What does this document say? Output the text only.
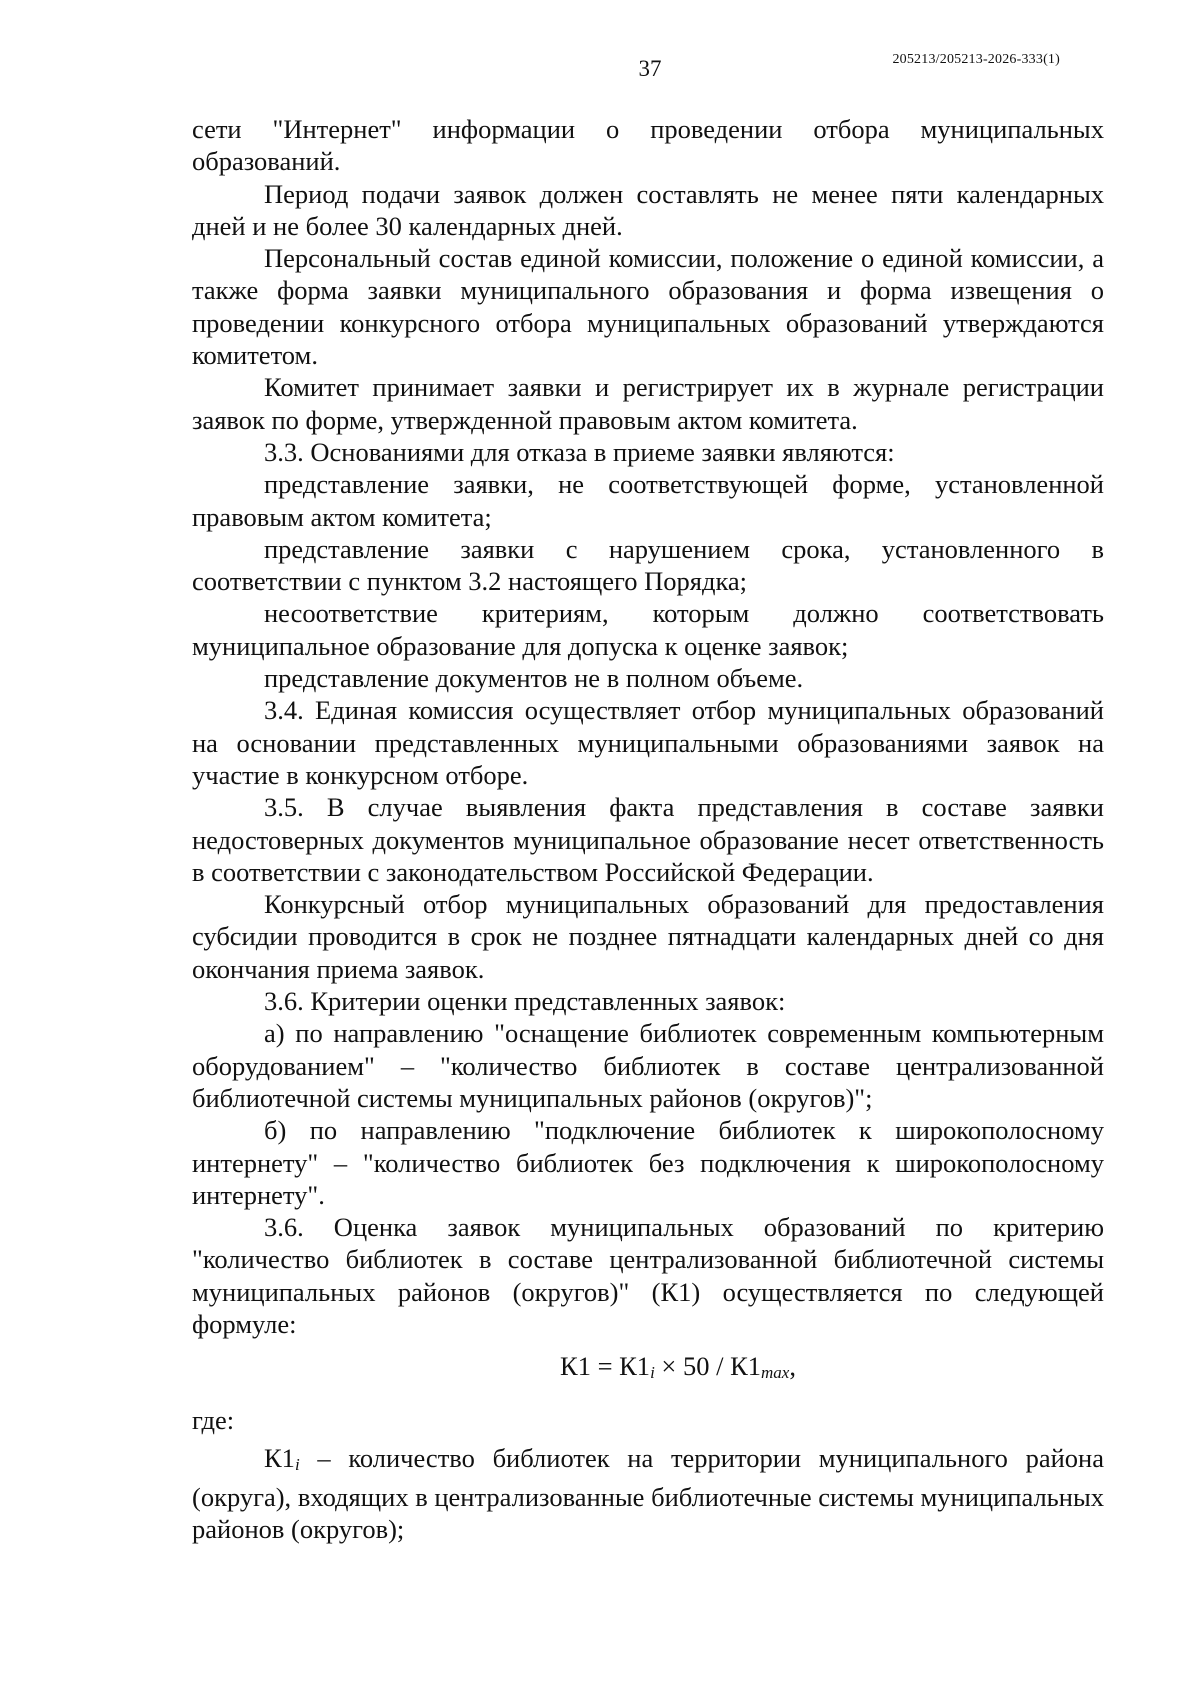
37	205213/205213-2026-333(1)

сети "Интернет" информации о проведении отбора муниципальных образований.

Период подачи заявок должен составлять не менее пяти календарных дней и не более 30 календарных дней.

Персональный состав единой комиссии, положение о единой комиссии, а также форма заявки муниципального образования и форма извещения о проведении конкурсного отбора муниципальных образований утверждаются комитетом.

Комитет принимает заявки и регистрирует их в журнале регистрации заявок по форме, утвержденной правовым актом комитета.

3.3. Основаниями для отказа в приеме заявки являются:

представление заявки, не соответствующей форме, установленной правовым актом комитета;

представление заявки с нарушением срока, установленного в соответствии с пунктом 3.2 настоящего Порядка;

несоответствие критериям, которым должно соответствовать муниципальное образование для допуска к оценке заявок;

представление документов не в полном объеме.

3.4. Единая комиссия осуществляет отбор муниципальных образований на основании представленных муниципальными образованиями заявок на участие в конкурсном отборе.

3.5. В случае выявления факта представления в составе заявки недостоверных документов муниципальное образование несет ответственность в соответствии с законодательством Российской Федерации.

Конкурсный отбор муниципальных образований для предоставления субсидии проводится в срок не позднее пятнадцати календарных дней со дня окончания приема заявок.

3.6. Критерии оценки представленных заявок:

а) по направлению "оснащение библиотек современным компьютерным оборудованием" – "количество библиотек в составе централизованной библиотечной системы муниципальных районов (округов)";

б) по направлению "подключение библиотек к широкополосному интернету" – "количество библиотек без подключения к широкополосному интернету".

3.6. Оценка заявок муниципальных образований по критерию "количество библиотек в составе централизованной библиотечной системы муниципальных районов (округов)" (К1) осуществляется по следующей формуле:

$К1 = К1_i \times 50 / К1_{max}$,

где:

$К1_i$ – количество библиотек на территории муниципального района (округа), входящих в централизованные библиотечные системы муниципальных районов (округов);
